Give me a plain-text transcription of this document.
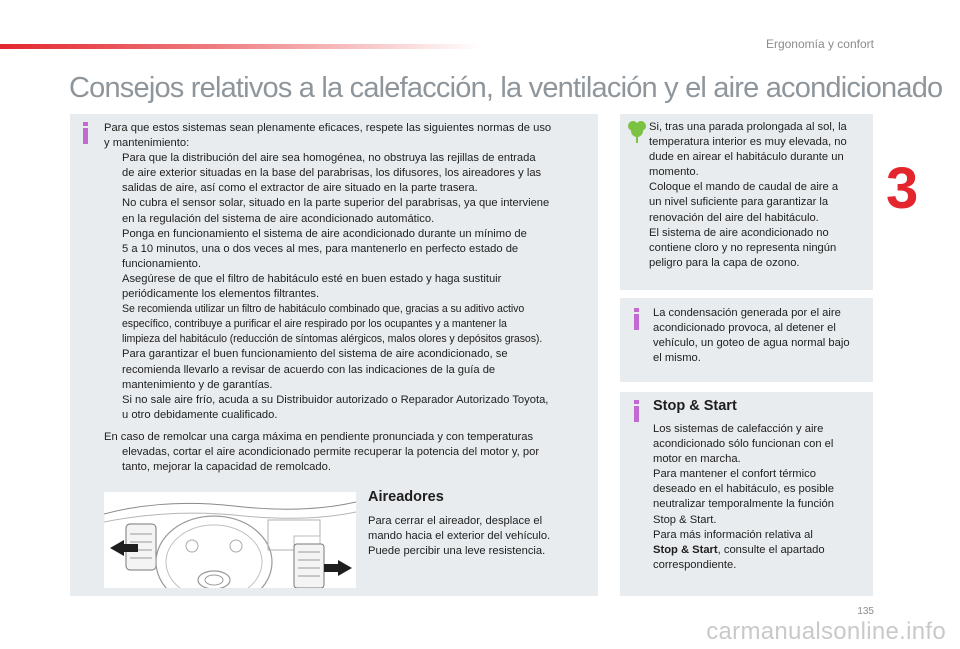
Ergonomía y confort
3
Consejos relativos a la calefacción, la ventilación y el aire acondicionado

Para que estos sistemas sean plenamente eficaces, respete las siguientes normas de uso

y mantenimiento:

Para que la distribución del aire sea homogénea, no obstruya las rejillas de entrada
de aire exterior situadas en la base del parabrisas, los difusores, los aireadores y las
salidas de aire, así como el extractor de aire situado en la parte trasera.
No cubra el sensor solar, situado en la parte superior del parabrisas, ya que interviene
en la regulación del sistema de aire acondicionado automático.
Ponga en funcionamiento el sistema de aire acondicionado durante un mínimo de
5 a 10 minutos, una o dos veces al mes, para mantenerlo en perfecto estado de
funcionamiento.
Asegúrese de que el filtro de habitáculo esté en buen estado y haga sustituir
periódicamente los elementos filtrantes.
Se recomienda utilizar un filtro de habitáculo combinado que, gracias a su aditivo activo
específico, contribuye a purificar el aire respirado por los ocupantes y a mantener la
limpieza del habitáculo (reducción de síntomas alérgicos, malos olores y depósitos grasos).
Para garantizar el buen funcionamiento del sistema de aire acondicionado, se
recomienda llevarlo a revisar de acuerdo con las indicaciones de la guía de
mantenimiento y de garantías.
Si no sale aire frío, acuda a su Distribuidor autorizado o Reparador Autorizado Toyota,
u otro debidamente cualificado.

En caso de remolcar una carga máxima en pendiente pronunciada y con temperaturas
elevadas, cortar el aire acondicionado permite recuperar la potencia del motor y, por
tanto, mejorar la capacidad de remolcado.

Aireadores

Para cerrar el aireador, desplace el
mando hacia el exterior del vehículo.
Puede percibir una leve resistencia.

Si, tras una parada prolongada al sol, la
temperatura interior es muy elevada, no
dude en airear el habitáculo durante un
momento.
Coloque el mando de caudal de aire a
un nivel suficiente para garantizar la
renovación del aire del habitáculo.
El sistema de aire acondicionado no
contiene cloro y no representa ningún
peligro para la capa de ozono.

La condensación generada por el aire
acondicionado provoca, al detener el
vehículo, un goteo de agua normal bajo
el mismo.

Stop & Start

Los sistemas de calefacción y aire
acondicionado sólo funcionan con el
motor en marcha.
Para mantener el confort térmico
deseado en el habitáculo, es posible
neutralizar temporalmente la función
Stop & Start.
Para más información relativa al
Stop & Start, consulte el apartado
correspondiente.

135
carmanualsonline.info
